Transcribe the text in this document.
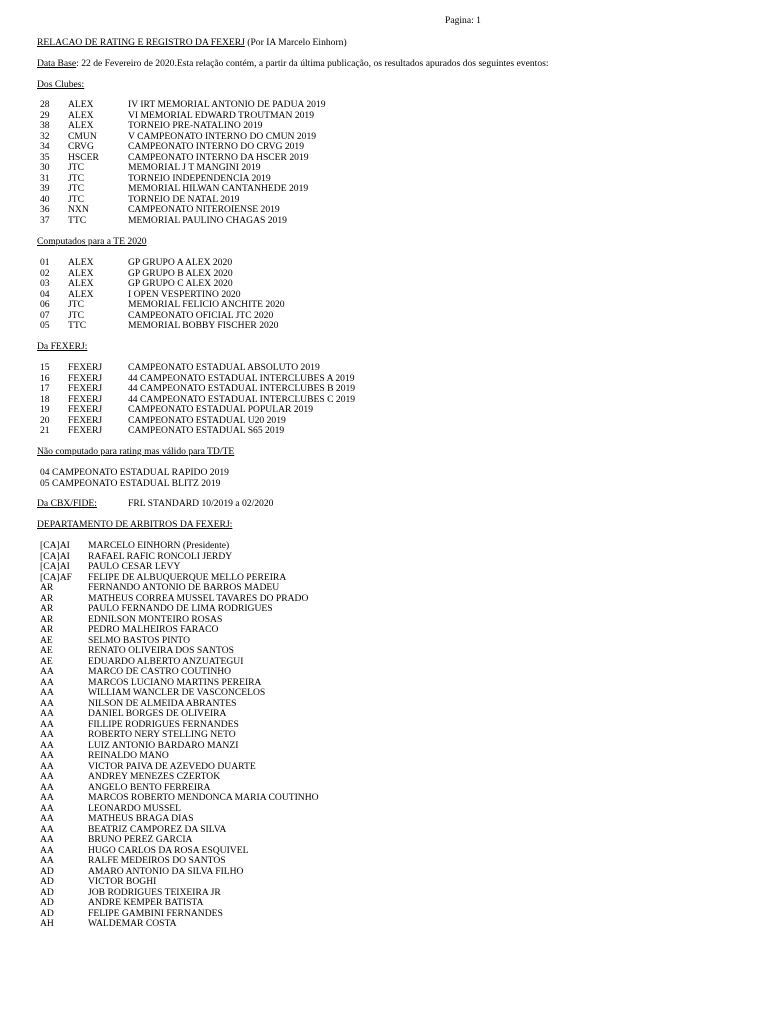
Pagina: 1
RELACAO DE RATING E REGISTRO DA FEXERJ (Por IA Marcelo Einhorn)
Data Base: 22 de Fevereiro de 2020.Esta relação contém, a partir da última publicação, os resultados apurados dos seguintes eventos:
Dos Clubes:
28 ALEX	IV IRT MEMORIAL ANTONIO DE PADUA 2019
29 ALEX	VI MEMORIAL EDWARD TROUTMAN 2019
38 ALEX	TORNEIO PRE-NATALINO 2019
32 CMUN	V CAMPEONATO INTERNO DO CMUN 2019
34 CRVG	CAMPEONATO INTERNO DO CRVG 2019
35 HSCER	CAMPEONATO INTERNO DA HSCER 2019
30 JTC	MEMORIAL J T MANGINI 2019
31 JTC	TORNEIO INDEPENDENCIA 2019
39 JTC	MEMORIAL HILWAN CANTANHEDE 2019
40 JTC	TORNEIO DE NATAL 2019
36 NXN	CAMPEONATO NITEROIENSE 2019
37 TTC	MEMORIAL PAULINO CHAGAS 2019
Computados para a TE 2020
01 ALEX	GP GRUPO A ALEX 2020
02 ALEX	GP GRUPO B ALEX 2020
03 ALEX	GP GRUPO C ALEX 2020
04 ALEX	I OPEN VESPERTINO 2020
06 JTC	MEMORIAL FELICIO ANCHITE 2020
07 JTC	CAMPEONATO OFICIAL JTC 2020
05 TTC	MEMORIAL BOBBY FISCHER 2020
Da FEXERJ:
15 FEXERJ	CAMPEONATO ESTADUAL ABSOLUTO 2019
16 FEXERJ	44 CAMPEONATO ESTADUAL INTERCLUBES A 2019
17 FEXERJ	44 CAMPEONATO ESTADUAL INTERCLUBES B 2019
18 FEXERJ	44 CAMPEONATO ESTADUAL INTERCLUBES C 2019
19 FEXERJ	CAMPEONATO ESTADUAL POPULAR 2019
20 FEXERJ	CAMPEONATO ESTADUAL U20 2019
21 FEXERJ	CAMPEONATO ESTADUAL S65 2019
Não computado para rating mas válido para TD/TE
04 CAMPEONATO ESTADUAL RAPIDO 2019
05 CAMPEONATO ESTADUAL BLITZ 2019
Da CBX/FIDE:	FRL STANDARD 10/2019 a 02/2020
DEPARTAMENTO DE ARBITROS DA FEXERJ:
[CA]AI MARCELO EINHORN (Presidente)
[CA]AI RAFAEL RAFIC RONCOLI JERDY
[CA]AI PAULO CESAR LEVY
[CA]AF FELIPE DE ALBUQUERQUE MELLO PEREIRA
AR	FERNANDO ANTONIO DE BARROS MADEU
AR	MATHEUS CORREA MUSSEL TAVARES DO PRADO
AR	PAULO FERNANDO DE LIMA RODRIGUES
AR	EDNILSON MONTEIRO ROSAS
AR	PEDRO MALHEIROS FARACO
AE	SELMO BASTOS PINTO
AE	RENATO OLIVEIRA DOS SANTOS
AE	EDUARDO ALBERTO ANZUATEGUI
AA	MARCO DE CASTRO COUTINHO
AA	MARCOS LUCIANO MARTINS PEREIRA
AA	WILLIAM WANCLER DE VASCONCELOS
AA	NILSON DE ALMEIDA ABRANTES
AA	DANIEL BORGES DE OLIVEIRA
AA	FILLIPE RODRIGUES FERNANDES
AA	ROBERTO NERY STELLING NETO
AA	LUIZ ANTONIO BARDARO MANZI
AA	REINALDO MANO
AA	VICTOR PAIVA DE AZEVEDO DUARTE
AA	ANDREY MENEZES CZERTOK
AA	ANGELO BENTO FERREIRA
AA	MARCOS ROBERTO MENDONCA MARIA COUTINHO
AA	LEONARDO MUSSEL
AA	MATHEUS BRAGA DIAS
AA	BEATRIZ CAMPOREZ DA SILVA
AA	BRUNO PEREZ GARCIA
AA	HUGO CARLOS DA ROSA ESQUIVEL
AA	RALFE MEDEIROS DO SANTOS
AD	AMARO ANTONIO DA SILVA FILHO
AD	VICTOR BOGHI
AD	JOB RODRIGUES TEIXEIRA JR
AD	ANDRE KEMPER BATISTA
AD	FELIPE GAMBINI FERNANDES
AH	WALDEMAR COSTA
